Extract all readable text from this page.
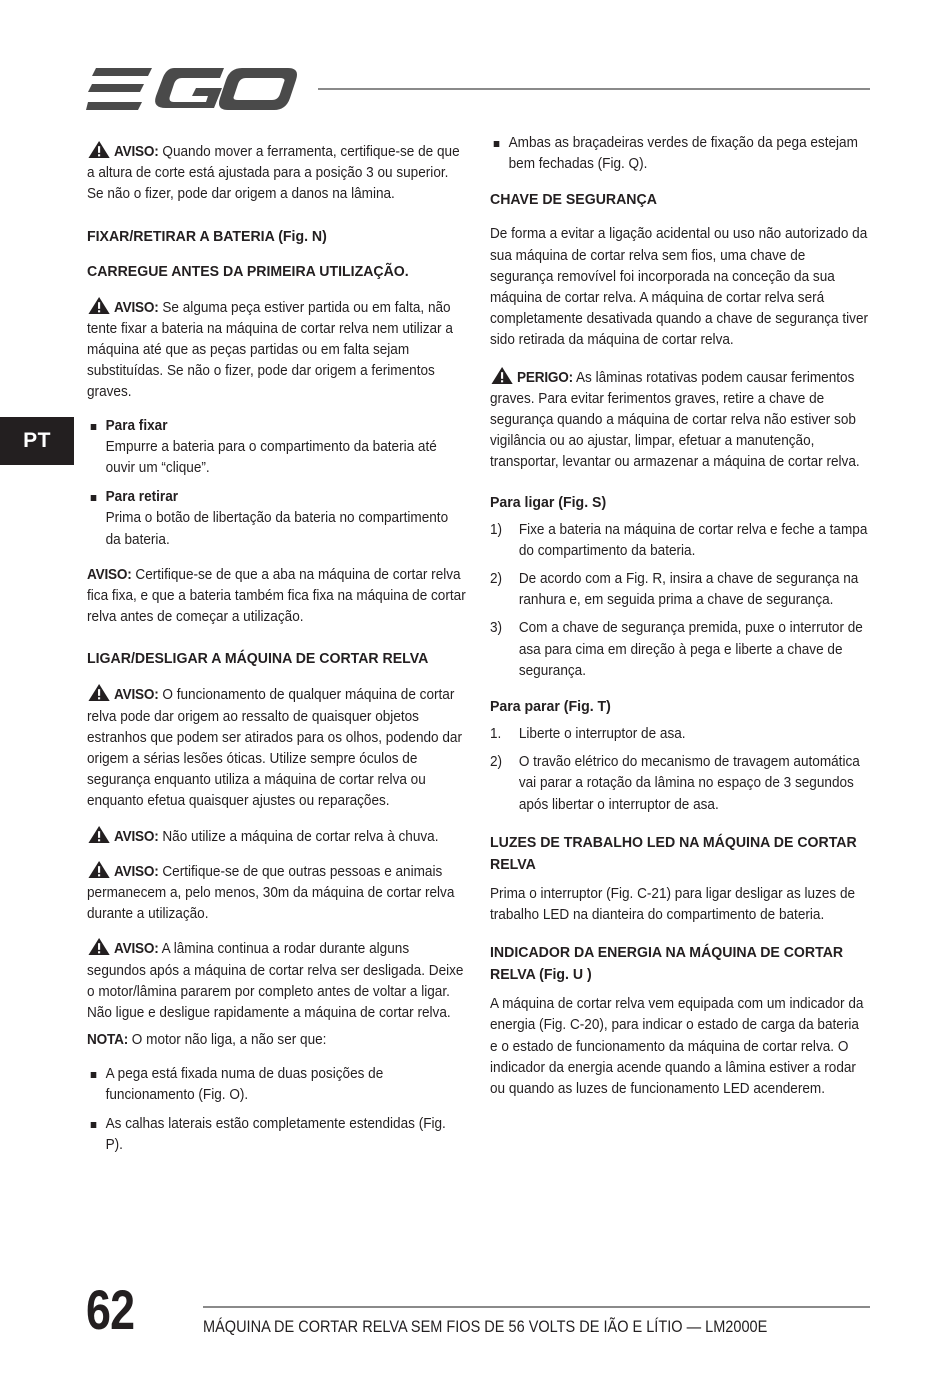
PT
AVISO: Quando mover a ferramenta, certifique-se de que a altura de corte está ajustada para a posição 3 ou superior. Se não o fizer, pode dar origem a danos na lâmina.
FIXAR/RETIRAR A BATERIA (Fig. N)
CARREGUE ANTES DA PRIMEIRA UTILIZAÇÃO.
AVISO: Se alguma peça estiver partida ou em falta, não tente fixar a bateria na máquina de cortar relva nem utilizar a máquina até que as peças partidas ou em falta sejam substituídas. Se não o fizer, pode dar origem a ferimentos graves.
Para fixar
Empurre a bateria para o compartimento da bateria até ouvir um “clique”.
Para retirar
Prima o botão de libertação da bateria no compartimento da bateria.
AVISO: Certifique-se de que a aba na máquina de cortar relva fica fixa, e que a bateria também fica fixa na máquina de cortar relva antes de começar a utilização.
LIGAR/DESLIGAR A MÁQUINA DE CORTAR RELVA
AVISO: O funcionamento de qualquer máquina de cortar relva pode dar origem ao ressalto de quaisquer objetos estranhos que podem ser atirados para os olhos, podendo dar origem a sérias lesões óticas. Utilize sempre óculos de segurança enquanto utiliza a máquina de cortar relva ou enquanto efetua quaisquer ajustes ou reparações.
AVISO: Não utilize a máquina de cortar relva à chuva.
AVISO: Certifique-se de que outras pessoas e animais permanecem a, pelo menos, 30m da máquina de cortar relva durante a utilização.
AVISO: A lâmina continua a rodar durante alguns segundos após a máquina de cortar relva ser desligada. Deixe o motor/lâmina pararem por completo antes de voltar a ligar. Não ligue e desligue rapidamente a máquina de cortar relva.
NOTA: O motor não liga, a não ser que:
A pega está fixada numa de duas posições de funcionamento (Fig. O).
As calhas laterais estão completamente estendidas (Fig. P).
Ambas as braçadeiras verdes de fixação da pega estejam bem fechadas (Fig. Q).
CHAVE DE SEGURANÇA
De forma a evitar a ligação acidental ou uso não autorizado da sua máquina de cortar relva sem fios, uma chave de segurança removível foi incorporada na conceção da sua máquina de cortar relva. A máquina de cortar relva será completamente desativada quando a chave de segurança tiver sido retirada da máquina de cortar relva.
PERIGO: As lâminas rotativas podem causar ferimentos graves. Para evitar ferimentos graves, retire a chave de segurança quando a máquina de cortar relva não estiver sob vigilância ou ao ajustar, limpar, efetuar a manutenção, transportar, levantar ou armazenar a máquina de cortar relva.
Para ligar (Fig. S)
1) Fixe a bateria na máquina de cortar relva e feche a tampa do compartimento da bateria.
2) De acordo com a Fig. R, insira a chave de segurança na ranhura e, em seguida prima a chave de segurança.
3) Com a chave de segurança premida, puxe o interrutor de asa para cima em direção à pega e liberte a chave de segurança.
Para parar (Fig. T)
1. Liberte o interruptor de asa.
2) O travão elétrico do mecanismo de travagem automática vai parar a rotação da lâmina no espaço de 3 segundos após libertar o interruptor de asa.
LUZES DE TRABALHO LED NA MÁQUINA DE CORTAR RELVA
Prima o interruptor (Fig. C-21) para ligar desligar as luzes de trabalho LED na dianteira do compartimento de bateria.
INDICADOR DA ENERGIA NA MÁQUINA DE CORTAR RELVA (Fig. U )
A máquina de cortar relva vem equipada com um indicador da energia (Fig. C-20), para indicar o estado de carga da bateria e o estado de funcionamento da máquina de cortar relva. O indicador da energia acende quando a lâmina estiver a rodar ou quando as luzes de funcionamento LED acenderem.
62	MÁQUINA DE CORTAR RELVA SEM FIOS DE 56 VOLTS DE IÃO E LÍTIO — LM2000E
